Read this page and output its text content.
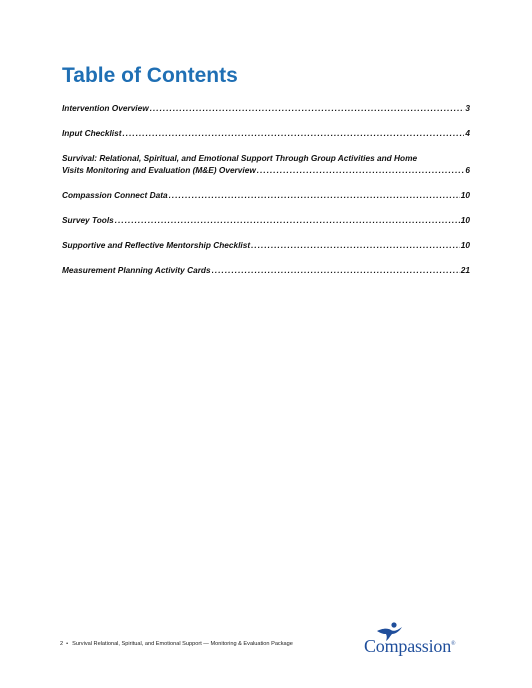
Table of Contents
Intervention Overview .....	3
Input Checklist .....	4
Survival: Relational, Spiritual, and Emotional Support Through Group Activities and Home
Visits Monitoring and Evaluation (M&E) Overview .....	6
Compassion Connect Data .....	10
Survey Tools .....	10
Supportive and Reflective Mentorship Checklist .....	10
Measurement Planning Activity Cards .....	21
2 • Survival Relational, Spiritual, and Emotional Support — Monitoring & Evaluation Package	Compassion®
